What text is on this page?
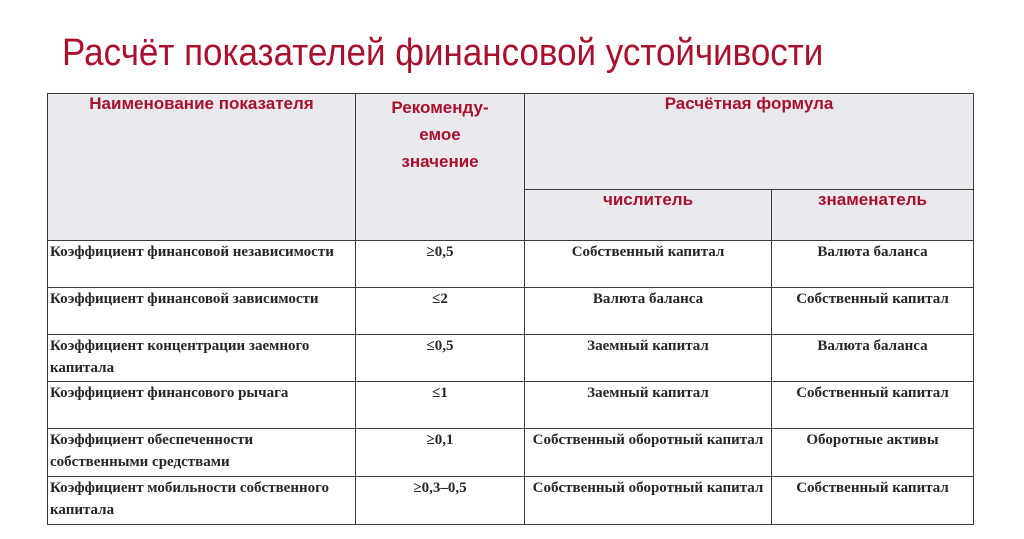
Расчёт показателей финансовой устойчивости
Наименование показателя	Рекоменду-
емое
значение	Расчётная формула	
		числитель	знаменатель
Коэффициент финансовой независимости	≥0,5	Собственный капитал	Валюта баланса
Коэффициент финансовой зависимости	≤2	Валюта баланса	Собственный капитал
Коэффициент концентрации заемного капитала	≤0,5	Заемный капитал	Валюта баланса
Коэффициент финансового рычага	≤1	Заемный капитал	Собственный капитал
Коэффициент обеспеченности собственными средствами	≥0,1	Собственный оборотный капитал	Оборотные активы
Коэффициент мобильности собственного капитала	≥0,3–0,5	Собственный оборотный капитал	Собственный капитал
